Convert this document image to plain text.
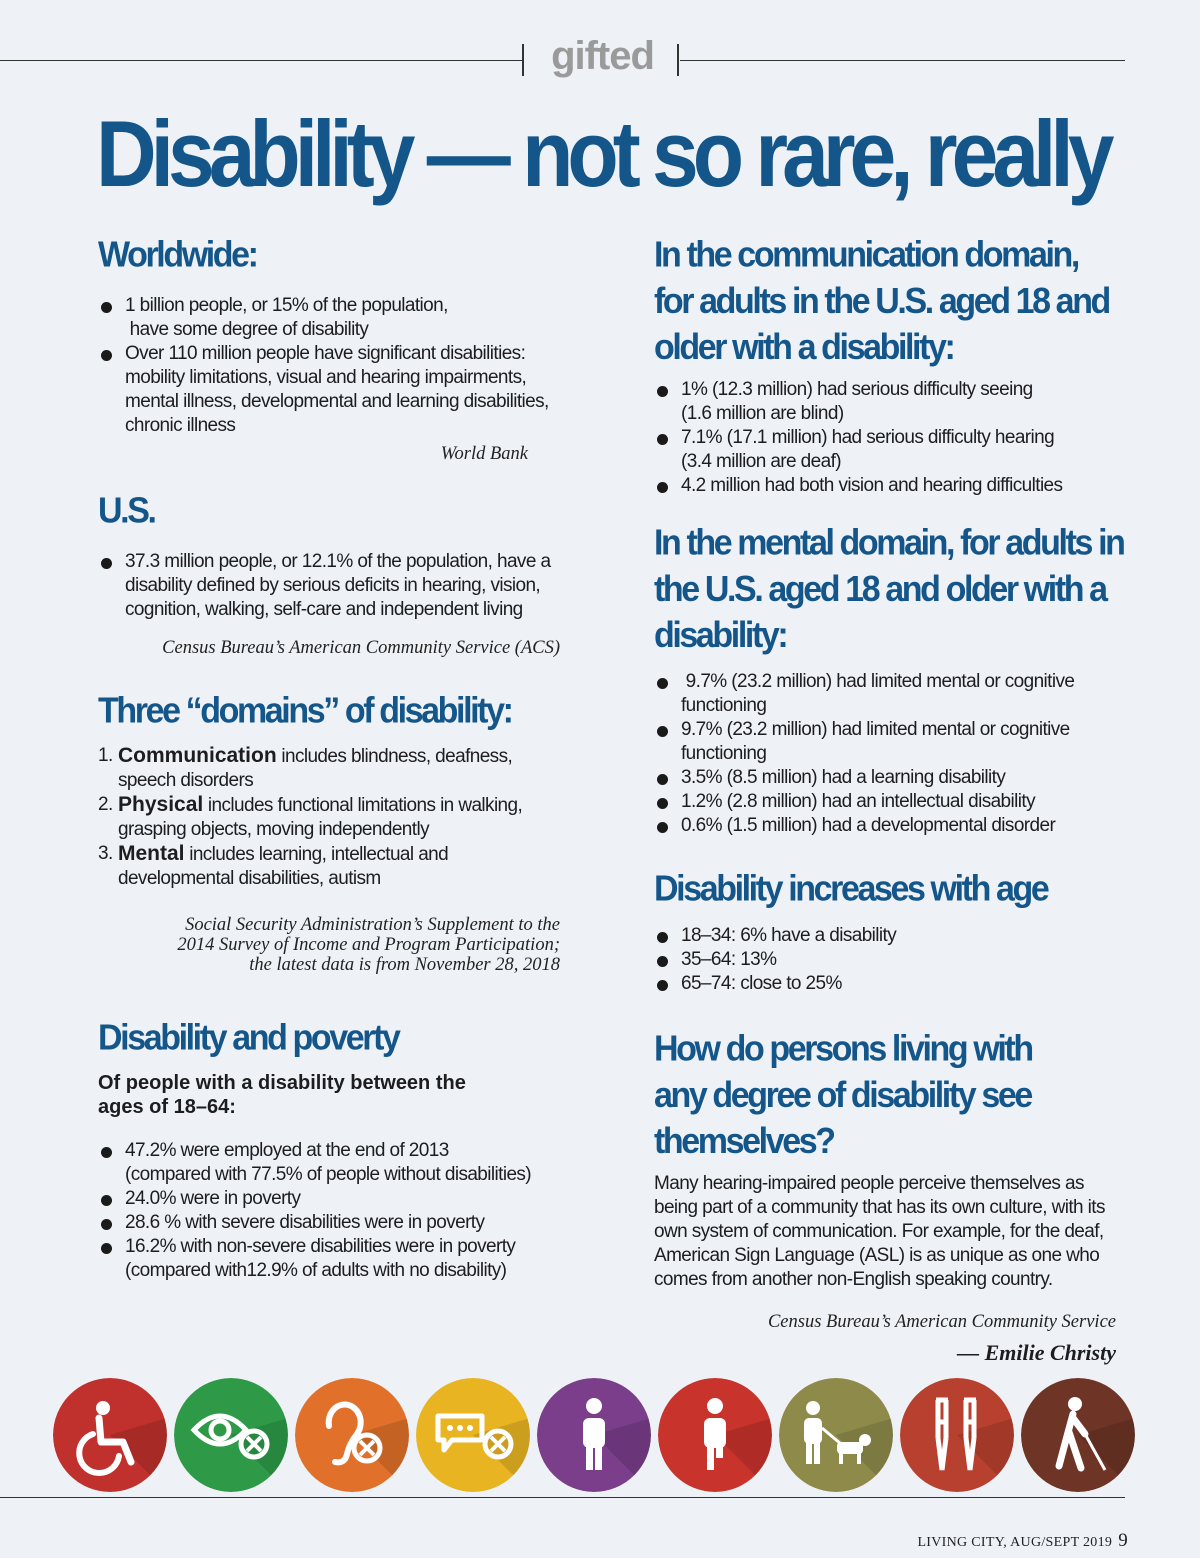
gifted
Disability — not so rare, really
Worldwide:
1 billion people, or 15% of the population,
have some degree of disability
Over 110 million people have significant disabilities:
mobility limitations, visual and hearing impairments,
mental illness, developmental and learning disabilities,
chronic illness
World Bank
U.S.
37.3 million people, or 12.1% of the population, have a
disability defined by serious deficits in hearing, vision,
cognition, walking, self-care and independent living
Census Bureau’s American Community Service (ACS)
Three “domains” of disability:
1. Communication includes blindness, deafness,
speech disorders
2. Physical includes functional limitations in walking,
grasping objects, moving independently
3. Mental includes learning, intellectual and
developmental disabilities, autism
Social Security Administration’s Supplement to the
2014 Survey of Income and Program Participation;
the latest data is from November 28, 2018
Disability and poverty
Of people with a disability between the
ages of 18–64:
47.2% were employed at the end of 2013
(compared with 77.5% of people without disabilities)
24.0% were in poverty
28.6 % with severe disabilities were in poverty
16.2% with non-severe disabilities were in poverty
(compared with12.9% of adults with no disability)
In the communication domain,
for adults in the U.S. aged 18 and
older with a disability:
1% (12.3 million) had serious difficulty seeing
(1.6 million are blind)
7.1% (17.1 million) had serious difficulty hearing
(3.4 million are deaf)
4.2 million had both vision and hearing difficulties
In the mental domain, for adults in
the U.S. aged 18 and older with a
disability:
9.7% (23.2 million) had limited mental or cognitive
functioning
9.7% (23.2 million) had limited mental or cognitive
functioning
3.5% (8.5 million) had a learning disability
1.2% (2.8 million) had an intellectual disability
0.6% (1.5 million) had a developmental disorder
Disability increases with age
18–34: 6% have a disability
35–64: 13%
65–74: close to 25%
How do persons living with
any degree of disability see
themselves?
Many hearing-impaired people perceive themselves as
being part of a community that has its own culture, with its
own system of communication. For example, for the deaf,
American Sign Language (ASL) is as unique as one who
comes from another non-English speaking country.
Census Bureau’s American Community Service
— Emilie Christy
LIVING CITY, AUG/SEPT 2019 9
